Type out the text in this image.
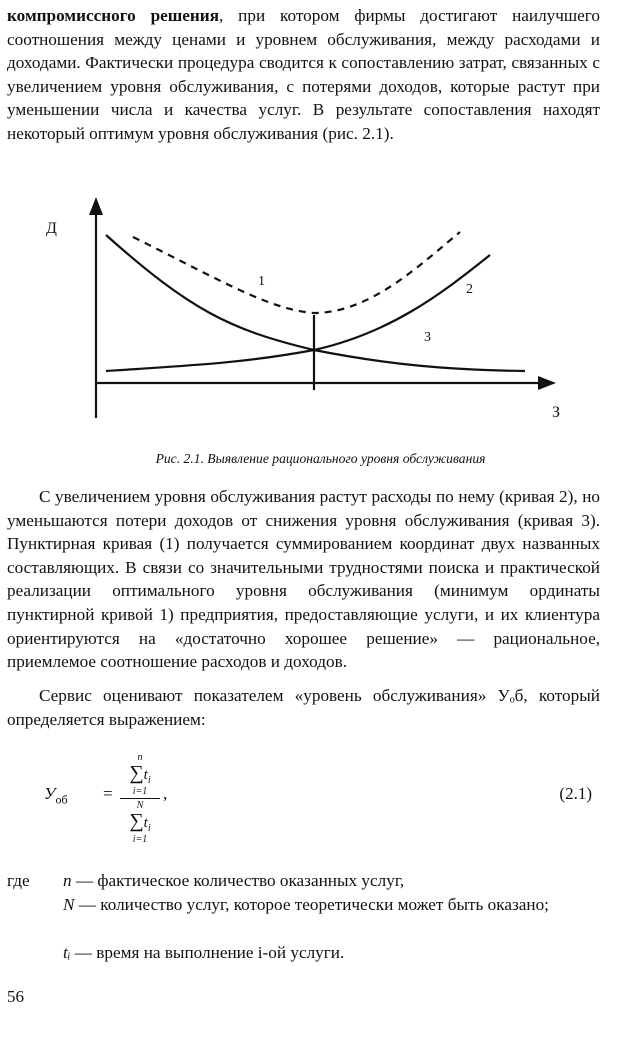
компромиссного решения, при котором фирмы достигают наилучшего соотношения между ценами и уровнем обслуживания, между расходами и доходами. Фактически процедура сводится к сопоставлению затрат, связанных с увеличением уровня обслуживания, с потерями доходов, которые растут при уменьшении числа и качества услуг. В результате сопоставления находят некоторый оптимум уровня обслуживания (рис. 2.1).

Д
З
1
2
3
Рис. 2.1. Выявление рационального уровня обслуживания

С увеличением уровня обслуживания растут расходы по нему (кривая 2), но уменьшаются потери доходов от снижения уровня обслуживания (кривая 3). Пунктирная кривая (1) получается суммированием координат двух названных составляющих. В связи со значительными трудностями поиска и практической реализации оптимального уровня обслуживания (минимум ординаты пунктирной кривой 1) предприятия, предоставляющие услуги, и их клиентура ориентируются на «достаточно хорошее решение» — рациональное, приемлемое соотношение расходов и доходов.

Сервис оценивают показателем «уровень обслуживания» Уₒб, который определяется выражением:

$У_{об}$ =
n
$\sum t_i$
i=1
N
$\sum t_i$
i=1
,	(2.1)
где n — фактическое количество оказанных услуг,
N — количество услуг, которое теоретически может быть оказано;
tᵢ — время на выполнение i-ой услуги.
56
